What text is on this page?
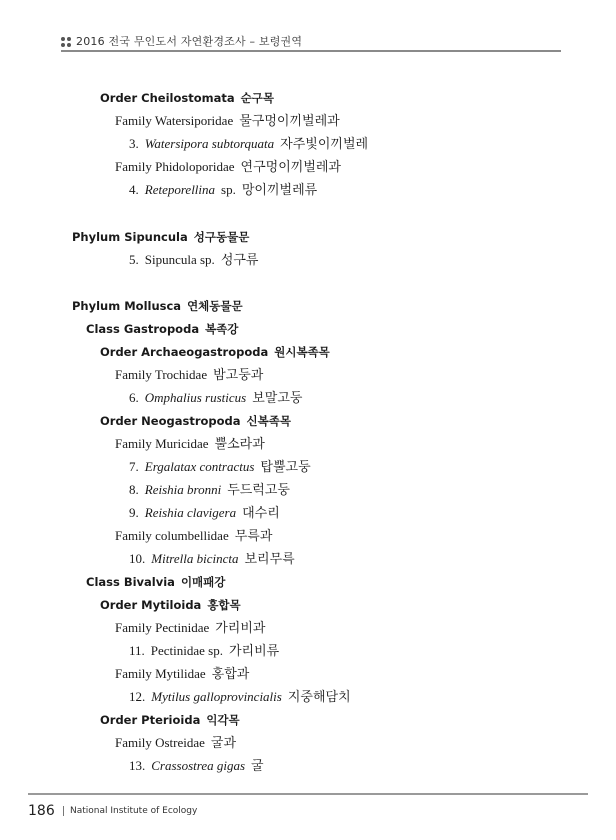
2016 전국 무인도서 자연환경조사 – 보령권역
Order Cheilostomata 순구목
Family Watersiporidae 물구멍이끼벌레과
3. Watersipora subtorquata 자주빛이끼벌레
Family Phidoloporidae 연구멍이끼벌레과
4. Reteporellina sp. 망이끼벌레류
Phylum Sipuncula 성구동물문
5. Sipuncula sp. 성구류
Phylum Mollusca 연체동물문
Class Gastropoda 복족강
Order Archaeogastropoda 원시복족목
Family Trochidae 밤고둥과
6. Omphalius rusticus 보말고둥
Order Neogastropoda 신복족목
Family Muricidae 뿔소라과
7. Ergalatax contractus 탑뿔고둥
8. Reishia bronni 두드럭고둥
9. Reishia clavigera 대수리
Family columbellidae 무륵과
10. Mitrella bicincta 보리무륵
Class Bivalvia 이매패강
Order Mytiloida 홍합목
Family Pectinidae 가리비과
11. Pectinidae sp. 가리비류
Family Mytilidae 홍합과
12. Mytilus galloprovincialis 지중해담치
Order Pterioida 익각목
Family Ostreidae 굴과
13. Crassostrea gigas 굴
186 National Institute of Ecology
